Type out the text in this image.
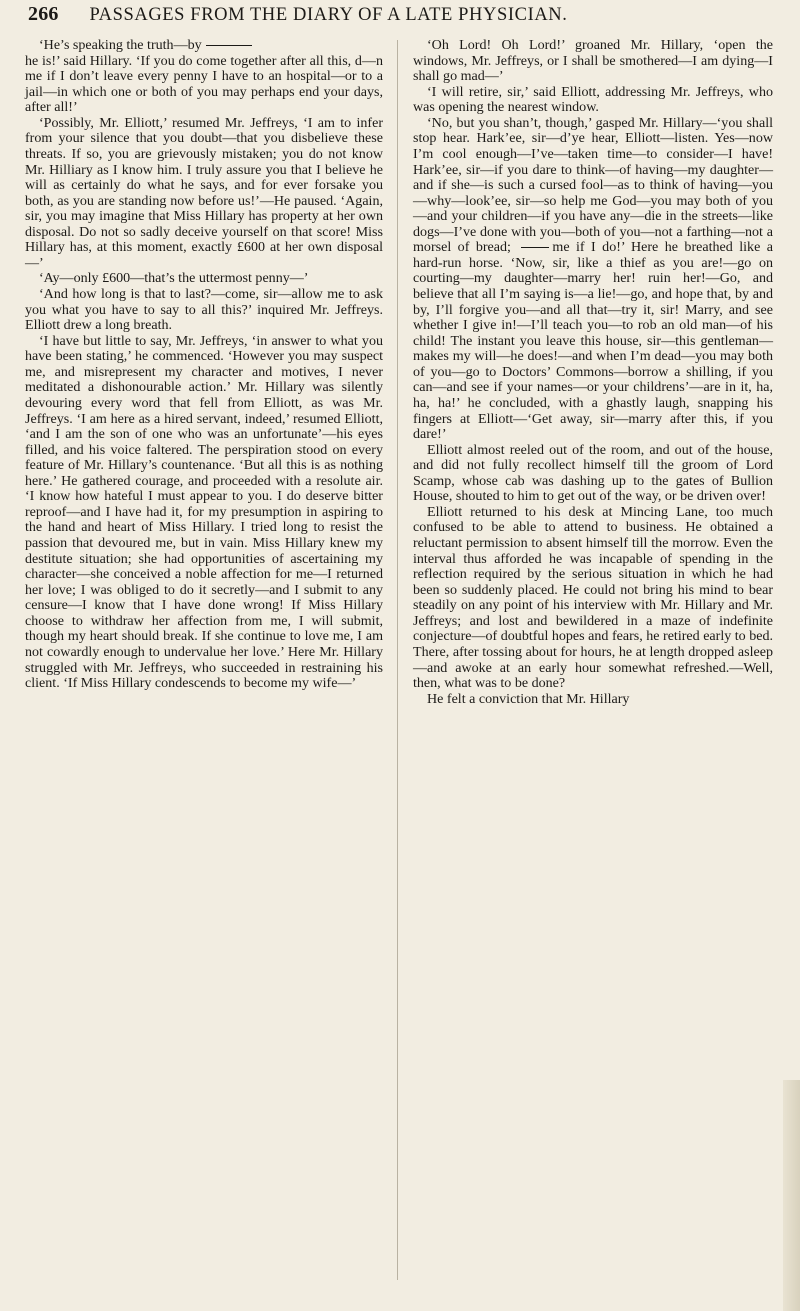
266 PASSAGES FROM THE DIARY OF A LATE PHYSICIAN.

‘He’s speaking the truth—by
he is!’ said Hillary. ‘If you do come together after all this, d—n me if I don’t leave every penny I have to an hospital—or to a jail—in which one or both of you may perhaps end your days, after all!’

‘Possibly, Mr. Elliott,’ resumed Mr. Jeffreys, ‘I am to infer from your silence that you doubt—that you disbelieve these threats. If so, you are grievously mistaken; you do not know Mr. Hilliary as I know him. I truly assure you that I believe he will as certainly do what he says, and for ever forsake you both, as you are standing now before us!’—He paused. ‘Again, sir, you may imagine that Miss Hillary has property at her own disposal. Do not so sadly deceive yourself on that score! Miss Hillary has, at this moment, exactly £600 at her own disposal—’

‘Ay—only £600—that’s the uttermost penny—’

‘And how long is that to last?—come, sir—allow me to ask you what you have to say to all this?’ inquired Mr. Jeffreys. Elliott drew a long breath.

‘I have but little to say, Mr. Jeffreys, ‘in answer to what you have been stating,’ he commenced. ‘However you may suspect me, and misrepresent my character and motives, I never meditated a dishonourable action.’ Mr. Hillary was silently devouring every word that fell from Elliott, as was Mr. Jeffreys. ‘I am here as a hired servant, indeed,’ resumed Elliott, ‘and I am the son of one who was an unfortunate’—his eyes filled, and his voice faltered. The perspiration stood on every feature of Mr. Hillary’s countenance. ‘But all this is as nothing here.’ He gathered courage, and proceeded with a resolute air. ‘I know how hateful I must appear to you. I do deserve bitter reproof—and I have had it, for my presumption in aspiring to the hand and heart of Miss Hillary. I tried long to resist the passion that devoured me, but in vain. Miss Hillary knew my destitute situation; she had opportunities of ascertaining my character—she conceived a noble affection for me—I returned her love; I was obliged to do it secretly—and I submit to any censure—I know that I have done wrong! If Miss Hillary choose to withdraw her affection from me, I will submit, though my heart should break. If she continue to love me, I am not cowardly enough to undervalue her love.’ Here Mr. Hillary struggled with Mr. Jeffreys, who succeeded in restraining his client. ‘If Miss Hillary condescends to become my wife—’

‘Oh Lord! Oh Lord!’ groaned Mr. Hillary, ‘open the windows, Mr. Jeffreys, or I shall be smothered—I am dying—I shall go mad—’

‘I will retire, sir,’ said Elliott, addressing Mr. Jeffreys, who was opening the nearest window.

‘No, but you shan’t, though,’ gasped Mr. Hillary—‘you shall stop hear. Hark’ee, sir—d’ye hear, Elliott—listen. Yes—now I’m cool enough—I’ve—taken time—to consider—I have! Hark’ee, sir—if you dare to think—of having—my daughter—and if she—is such a cursed fool—as to think of having—you—why—look’ee, sir—so help me God—you may both of you—and your children—if you have any—die in the streets—like dogs—I’ve done with you—both of you—not a farthing—not a morsel of bread;	me if I do!’ Here he breathed like a hard-run horse. ‘Now, sir, like a thief as you are!—go on courting—my daughter—marry her! ruin her!—Go, and believe that all I’m saying is—a lie!—go, and hope that, by and by, I’ll forgive you—and all that—try it, sir! Marry, and see whether I give in!—I’ll teach you—to rob an old man—of his child! The instant you leave this house, sir—this gentleman—makes my will—he does!—and when I’m dead—you may both of you—go to Doctors’ Commons—borrow a shilling, if you can—and see if your names—or your childrens’—are in it, ha, ha, ha!’ he concluded, with a ghastly laugh, snapping his fingers at Elliott—‘Get away, sir—marry after this, if you dare!’

Elliott almost reeled out of the room, and out of the house, and did not fully recollect himself till the groom of Lord Scamp, whose cab was dashing up to the gates of Bullion House, shouted to him to get out of the way, or be driven over!

Elliott returned to his desk at Mincing Lane, too much confused to be able to attend to business. He obtained a reluctant permission to absent himself till the morrow. Even the interval thus afforded he was incapable of spending in the reflection required by the serious situation in which he had been so suddenly placed. He could not bring his mind to bear steadily on any point of his interview with Mr. Hillary and Mr. Jeffreys; and lost and bewildered in a maze of indefinite conjecture—of doubtful hopes and fears, he retired early to bed. There, after tossing about for hours, he at length dropped asleep—and awoke at an early hour somewhat refreshed.—Well, then, what was to be done?

He felt a conviction that Mr. Hillary
